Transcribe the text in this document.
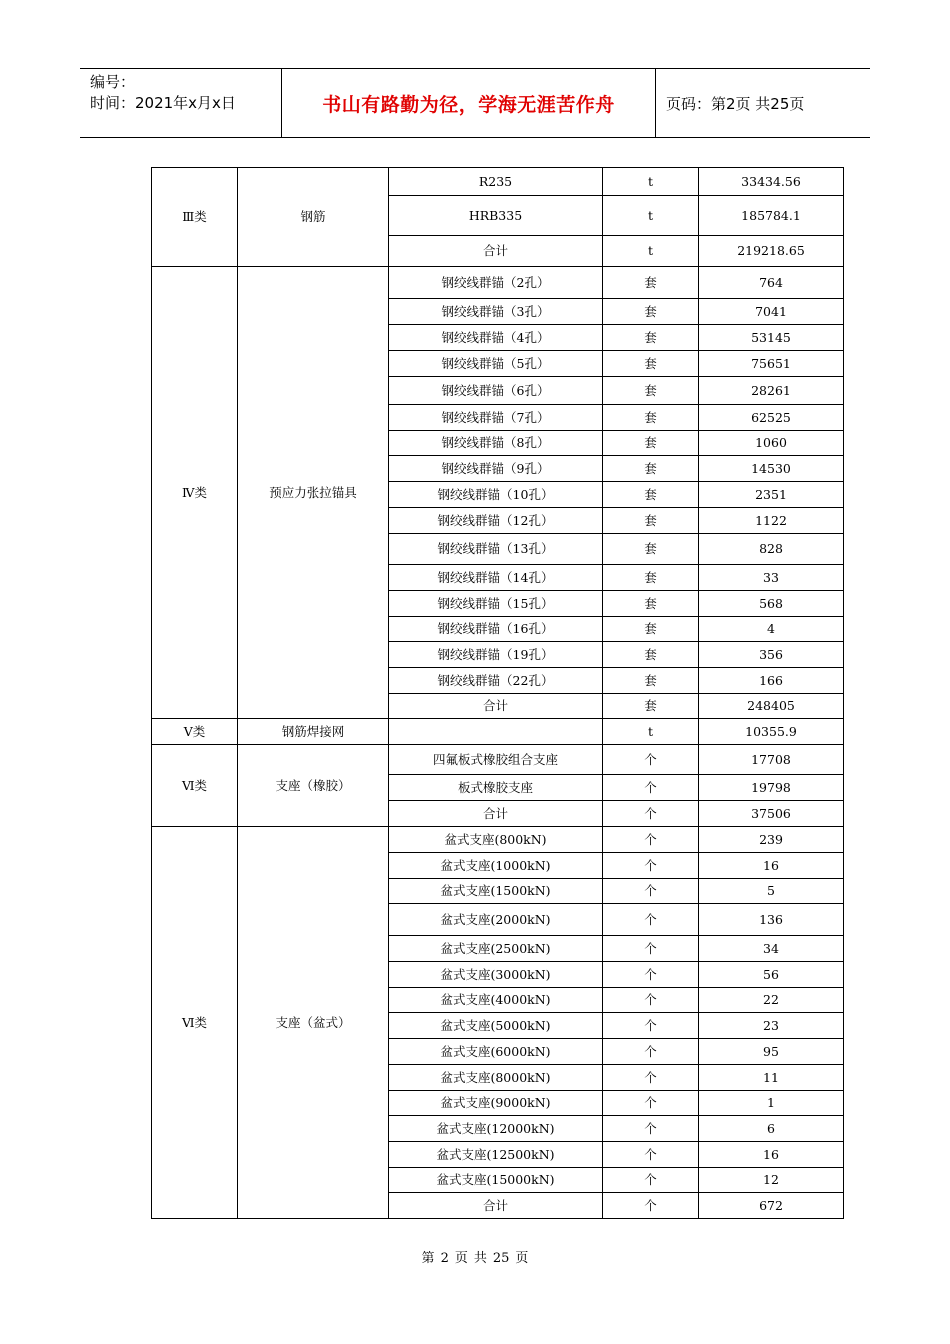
编号：
时间：2021年x月x日	书山有路勤为径，学海无涯苦作舟	页码：第2页 共25页
Ⅲ类	钢筋	R235	t	33434.56
		HRB335	t	185784.1
		合计	t	219218.65
Ⅳ类	预应力张拉锚具	钢绞线群锚（2孔）	套	764
		钢绞线群锚（3孔）	套	7041
		钢绞线群锚（4孔）	套	53145
		钢绞线群锚（5孔）	套	75651
		钢绞线群锚（6孔）	套	28261
		钢绞线群锚（7孔）	套	62525
		钢绞线群锚（8孔）	套	1060
		钢绞线群锚（9孔）	套	14530
		钢绞线群锚（10孔）	套	2351
		钢绞线群锚（12孔）	套	1122
		钢绞线群锚（13孔）	套	828
		钢绞线群锚（14孔）	套	33
		钢绞线群锚（15孔）	套	568
		钢绞线群锚（16孔）	套	4
		钢绞线群锚（19孔）	套	356
		钢绞线群锚（22孔）	套	166
		合计	套	248405
Ⅴ类	钢筋焊接网		t	10355.9
Ⅵ类	支座（橡胶）	四氟板式橡胶组合支座	个	17708
		板式橡胶支座	个	19798
		合计	个	37506
Ⅵ类	支座（盆式）	盆式支座(800kN)	个	239
		盆式支座(1000kN)	个	16
		盆式支座(1500kN)	个	5
		盆式支座(2000kN)	个	136
		盆式支座(2500kN)	个	34
		盆式支座(3000kN)	个	56
		盆式支座(4000kN)	个	22
		盆式支座(5000kN)	个	23
		盆式支座(6000kN)	个	95
		盆式支座(8000kN)	个	11
		盆式支座(9000kN)	个	1
		盆式支座(12000kN)	个	6
		盆式支座(12500kN)	个	16
		盆式支座(15000kN)	个	12
		合计	个	672
第 2 页 共 25 页
